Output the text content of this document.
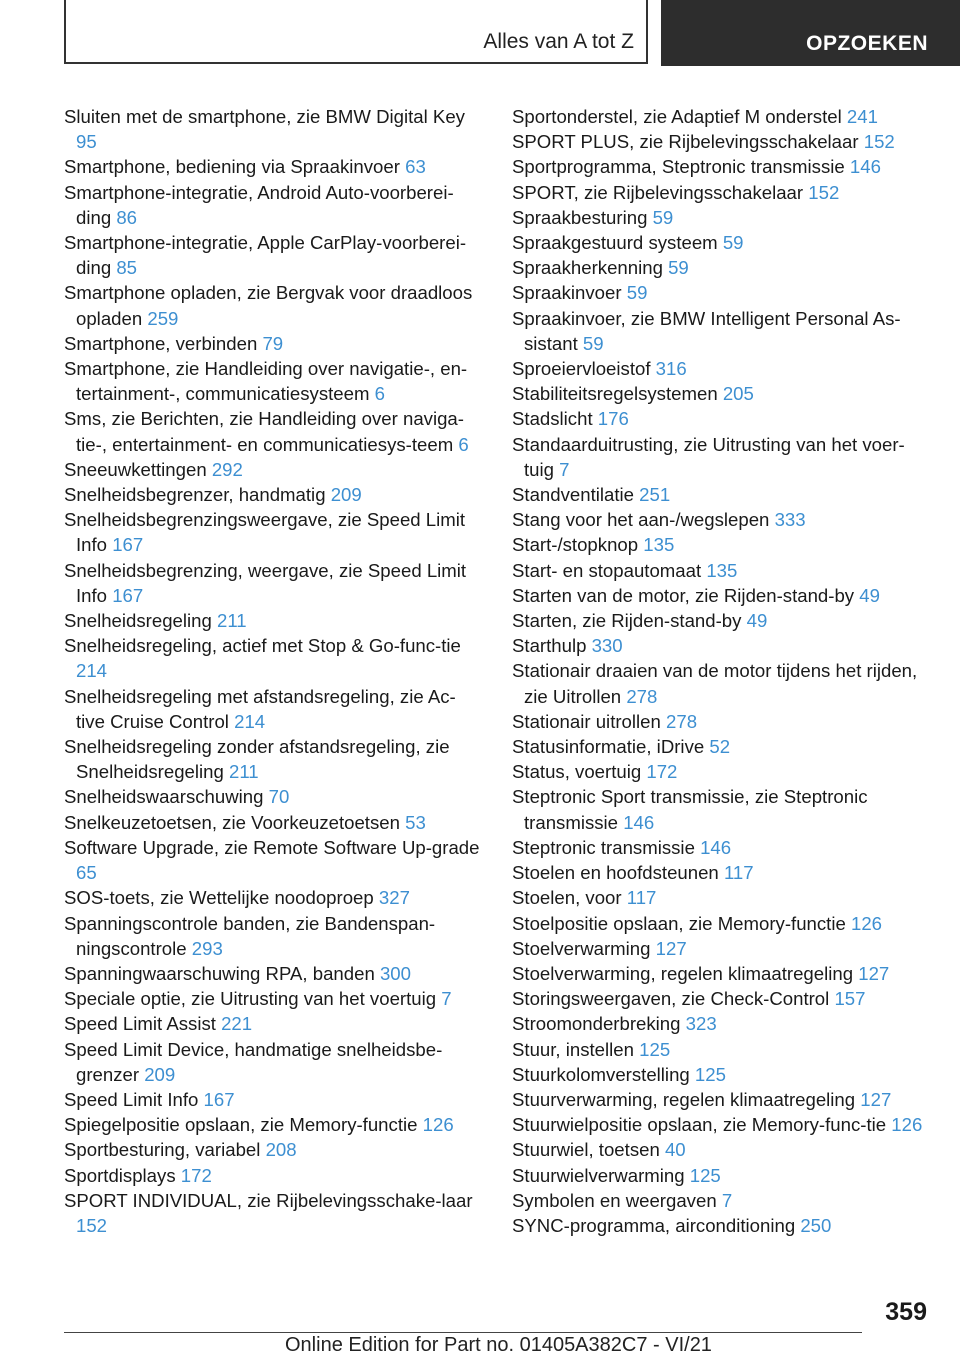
Alles van A tot Z	OPZOEKEN
Sluiten met de smartphone, zie BMW Digital Key 95
Smartphone, bediening via Spraakinvoer 63
Smartphone-integratie, Android Auto-voorberei‐ding 86
Smartphone-integratie, Apple CarPlay-voorberei‐ding 85
Smartphone opladen, zie Bergvak voor draadloos opladen 259
Smartphone, verbinden 79
Smartphone, zie Handleiding over navigatie-, en‐tertainment-, communicatiesysteem 6
Sms, zie Berichten, zie Handleiding over naviga‐tie-, entertainment- en communicatiesys‐teem 6
Sneeuwkettingen 292
Snelheidsbegrenzer, handmatig 209
Snelheidsbegrenzingsweergave, zie Speed Limit Info 167
Snelheidsbegrenzing, weergave, zie Speed Limit Info 167
Snelheidsregeling 211
Snelheidsregeling, actief met Stop & Go-func‐tie 214
Snelheidsregeling met afstandsregeling, zie Ac‐tive Cruise Control 214
Snelheidsregeling zonder afstandsregeling, zie Snelheidsregeling 211
Snelheidswaarschuwing 70
Snelkeuzetoetsen, zie Voorkeuzetoetsen 53
Software Upgrade, zie Remote Software Up‐grade 65
SOS-toets, zie Wettelijke noodoproep 327
Spanningscontrole banden, zie Bandenspan‐ningscontrole 293
Spanningwaarschuwing RPA, banden 300
Speciale optie, zie Uitrusting van het voertuig 7
Speed Limit Assist 221
Speed Limit Device, handmatige snelheidsbe‐grenzer 209
Speed Limit Info 167
Spiegelpositie opslaan, zie Memory-functie 126
Sportbesturing, variabel 208
Sportdisplays 172
SPORT INDIVIDUAL, zie Rijbelevingsschake‐laar 152
Sportonderstel, zie Adaptief M onderstel 241
SPORT PLUS, zie Rijbelevingsschakelaar 152
Sportprogramma, Steptronic transmissie 146
SPORT, zie Rijbelevingsschakelaar 152
Spraakbesturing 59
Spraakgestuurd systeem 59
Spraakherkenning 59
Spraakinvoer 59
Spraakinvoer, zie BMW Intelligent Personal As‐sistant 59
Sproeiervloeistof 316
Stabiliteitsregelsystemen 205
Stadslicht 176
Standaarduitrusting, zie Uitrusting van het voer‐tuig 7
Standventilatie 251
Stang voor het aan-/wegslepen 333
Start-/stopknop 135
Start- en stopautomaat 135
Starten van de motor, zie Rijden-stand-by 49
Starten, zie Rijden-stand-by 49
Starthulp 330
Stationair draaien van de motor tijdens het rijden, zie Uitrollen 278
Stationair uitrollen 278
Statusinformatie, iDrive 52
Status, voertuig 172
Steptronic Sport transmissie, zie Steptronic transmissie 146
Steptronic transmissie 146
Stoelen en hoofdsteunen 117
Stoelen, voor 117
Stoelpositie opslaan, zie Memory-functie 126
Stoelverwarming 127
Stoelverwarming, regelen klimaatregeling 127
Storingsweergaven, zie Check-Control 157
Stroomonderbreking 323
Stuur, instellen 125
Stuurkolomverstelling 125
Stuurverwarming, regelen klimaatregeling 127
Stuurwielpositie opslaan, zie Memory-func‐tie 126
Stuurwiel, toetsen 40
Stuurwielverwarming 125
Symbolen en weergaven 7
SYNC-programma, airconditioning 250
359
Online Edition for Part no. 01405A382C7 - VI/21
